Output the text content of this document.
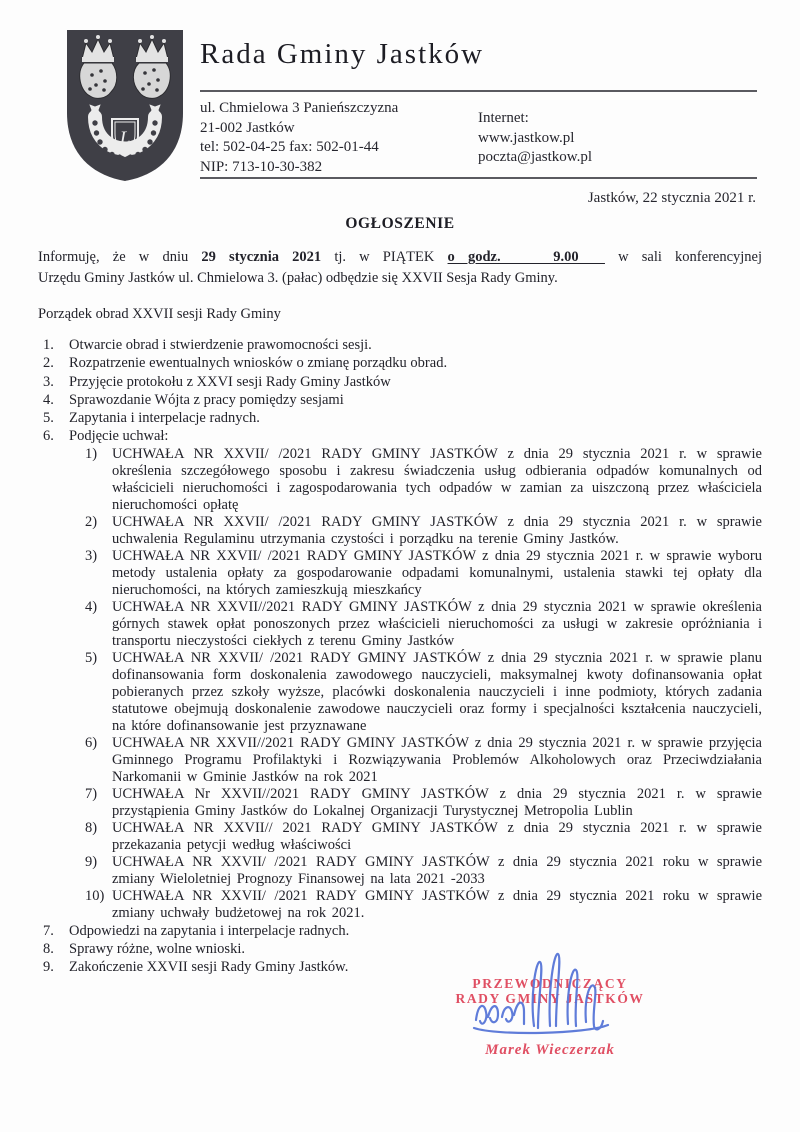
L
Rada Gminy Jastków
ul. Chmielowa 3 Panieńszczyzna
21-002 Jastków
tel: 502-04-25 fax: 502-01-44
NIP: 713-10-30-382
Internet:
www.jastkow.pl
poczta@jastkow.pl
Jastków, 22 stycznia 2021 r.
OGŁOSZENIE

Informuję, że w dniu 29 stycznia 2021 tj. w PIĄTEK o godz.    9.00   w sali konferencyjnej
Urzędu Gminy Jastków ul. Chmielowa 3. (pałac) odbędzie się XXVII Sesja Rady Gminy.

Porządek obrad XXVII sesji Rady Gminy

1.	Otwarcie obrad i stwierdzenie prawomocności sesji.
2.	Rozpatrzenie ewentualnych wniosków o zmianę porządku obrad.
3.	Przyjęcie protokołu z XXVI sesji Rady Gminy Jastków
4.	Sprawozdanie Wójta z pracy pomiędzy sesjami
5.	Zapytania i interpelacje radnych.
6.	Podjęcie uchwał:
1)	UCHWAŁA NR XXVII/ /2021 RADY GMINY JASTKÓW z dnia 29 stycznia 2021 r. w sprawie określenia szczegółowego sposobu i zakresu świadczenia usług odbierania odpadów komunalnych od właścicieli nieruchomości i zagospodarowania tych odpadów w zamian za uiszczoną przez właściciela nieruchomości opłatę
2)	UCHWAŁA NR XXVII/ /2021 RADY GMINY JASTKÓW z dnia 29 stycznia 2021 r. w sprawie uchwalenia Regulaminu utrzymania czystości i porządku na terenie Gminy Jastków.
3)	UCHWAŁA NR XXVII/ /2021 RADY GMINY JASTKÓW z dnia 29 stycznia 2021 r. w sprawie wyboru metody ustalenia opłaty za gospodarowanie odpadami komunalnymi, ustalenia stawki tej opłaty dla nieruchomości, na których zamieszkują mieszkańcy
4)	UCHWAŁA NR XXVII//2021 RADY GMINY JASTKÓW z dnia 29 stycznia 2021 w sprawie określenia górnych stawek opłat ponoszonych przez właścicieli nieruchomości za usługi w zakresie opróżniania i transportu nieczystości ciekłych z terenu Gminy Jastków
5)	UCHWAŁA NR XXVII/ /2021 RADY GMINY JASTKÓW z dnia 29 stycznia 2021 r. w sprawie planu dofinansowania form doskonalenia zawodowego nauczycieli, maksymalnej kwoty dofinansowania opłat pobieranych przez szkoły wyższe, placówki doskonalenia nauczycieli i inne podmioty, których zadania statutowe obejmują doskonalenie zawodowe nauczycieli oraz formy i specjalności kształcenia nauczycieli, na które dofinansowanie jest przyznawane
6)	UCHWAŁA NR XXVII//2021 RADY GMINY JASTKÓW z dnia 29 stycznia 2021 r. w sprawie przyjęcia Gminnego Programu Profilaktyki i Rozwiązywania Problemów Alkoholowych oraz Przeciwdziałania Narkomanii w Gminie Jastków na rok 2021
7)	UCHWAŁA Nr XXVII//2021 RADY GMINY JASTKÓW z dnia 29 stycznia 2021 r. w sprawie przystąpienia Gminy Jastków do Lokalnej Organizacji Turystycznej Metropolia Lublin
8)	UCHWAŁA NR XXVII// 2021 RADY GMINY JASTKÓW z dnia 29 stycznia 2021 r. w sprawie przekazania petycji według właściwości
9)	UCHWAŁA NR XXVII/ /2021 RADY GMINY JASTKÓW z dnia 29 stycznia 2021 roku w sprawie zmiany Wieloletniej Prognozy Finansowej na lata 2021 -2033
10) UCHWAŁA NR XXVII/ /2021 RADY GMINY JASTKÓW z dnia 29 stycznia 2021 roku w sprawie zmiany uchwały budżetowej na rok 2021.
7.	Odpowiedzi na zapytania i interpelacje radnych.
8.	Sprawy różne, wolne wnioski.
9.	Zakończenie XXVII sesji Rady Gminy Jastków.
PRZEWODNICZĄCY
RADY GMINY JASTKÓW
Marek Wieczerzak
